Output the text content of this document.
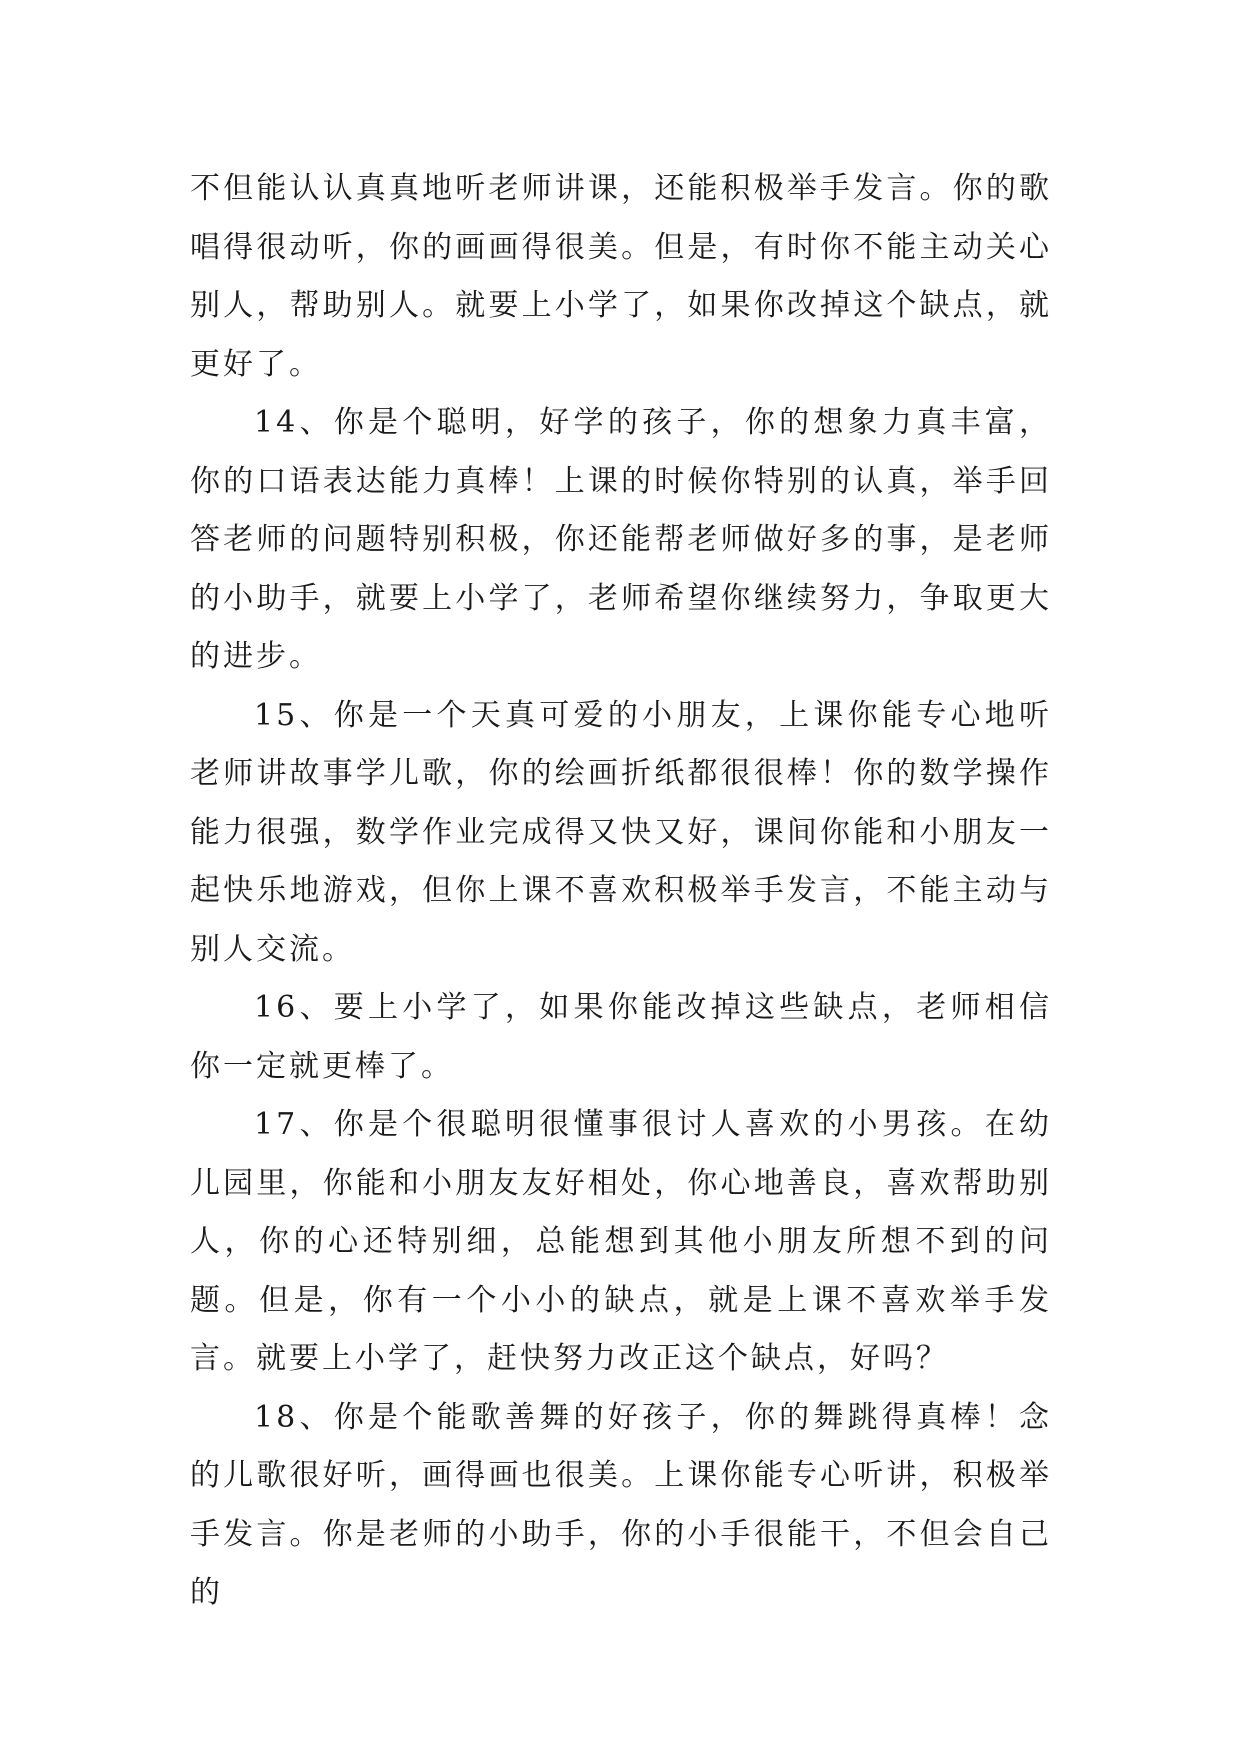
不但能认认真真地听老师讲课，还能积极举手发言。你的歌唱得很动听，你的画画得很美。但是，有时你不能主动关心别人，帮助别人。就要上小学了，如果你改掉这个缺点，就更好了。

14、你是个聪明，好学的孩子，你的想象力真丰富，你的口语表达能力真棒！上课的时候你特别的认真，举手回答老师的问题特别积极，你还能帮老师做好多的事，是老师的小助手，就要上小学了，老师希望你继续努力，争取更大的进步。

15、你是一个天真可爱的小朋友，上课你能专心地听老师讲故事学儿歌，你的绘画折纸都很很棒！你的数学操作能力很强，数学作业完成得又快又好，课间你能和小朋友一起快乐地游戏，但你上课不喜欢积极举手发言，不能主动与别人交流。

16、要上小学了，如果你能改掉这些缺点，老师相信你一定就更棒了。

17、你是个很聪明很懂事很讨人喜欢的小男孩。在幼儿园里，你能和小朋友友好相处，你心地善良，喜欢帮助别人，你的心还特别细，总能想到其他小朋友所想不到的问题。但是，你有一个小小的缺点，就是上课不喜欢举手发言。就要上小学了，赶快努力改正这个缺点，好吗？

18、你是个能歌善舞的好孩子，你的舞跳得真棒！念的儿歌很好听，画得画也很美。上课你能专心听讲，积极举手发言。你是老师的小助手，你的小手很能干，不但会自己的
